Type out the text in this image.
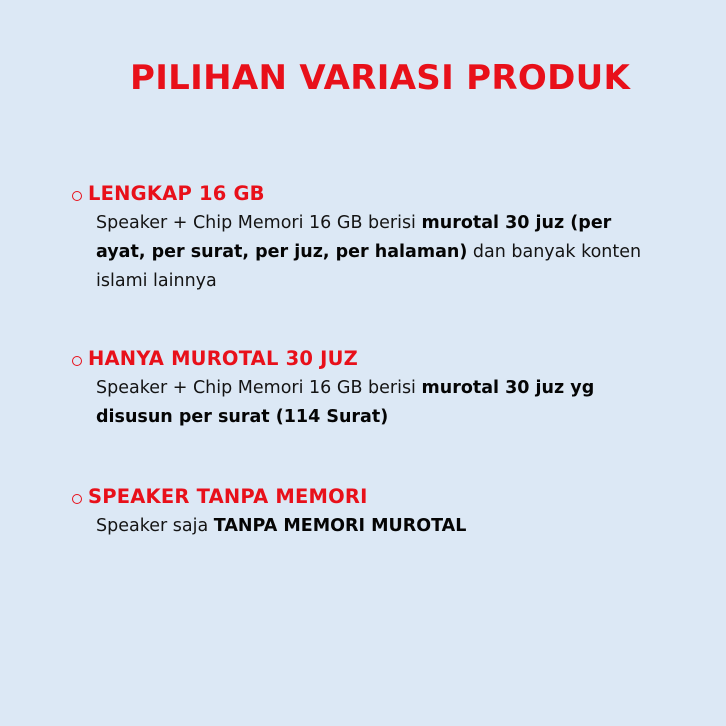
PILIHAN VARIASI PRODUK
LENGKAP 16 GB
Speaker + Chip Memori 16 GB berisi murotal 30 juz (per ayat, per surat, per juz, per halaman) dan banyak konten islami lainnya
HANYA MUROTAL 30 JUZ
Speaker + Chip Memori 16 GB berisi murotal 30 juz yg disusun per surat (114 Surat)
SPEAKER TANPA MEMORI
Speaker saja TANPA MEMORI MUROTAL
